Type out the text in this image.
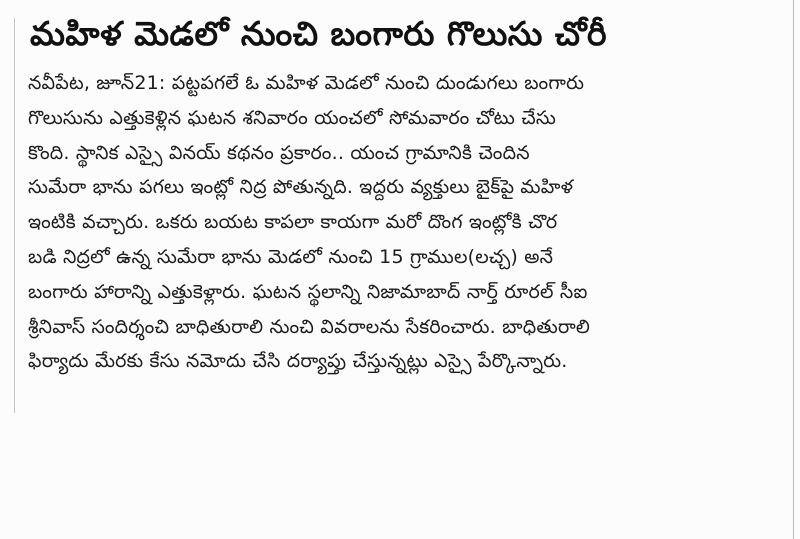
మహిళ మెడలో నుంచి బంగారు గొలుసు చోరీ
నవీపేట, జూన్21: పట్టపగలే ఓ మహిళ మెడలో నుంచి దుండుగలు బంగారు
గొలుసును ఎత్తుకెళ్లిన ఘటన శనివారం యంచలో సోమవారం చోటు చేసు
కొంది. స్థానిక ఎస్సై వినయ్ కథనం ప్రకారం.. యంచ గ్రామానికి చెందిన
సుమేరా భాను పగలు ఇంట్లో నిద్ర పోతున్నది. ఇద్దరు వ్యక్తులు బైక్‌పై మహిళ
ఇంటికి వచ్చారు. ఒకరు బయట కాపలా కాయగా మరో దొంగ ఇంట్లోకి చొర
బడి నిద్రలో ఉన్న సుమేరా భాను మెడలో నుంచి 15 గ్రాముల(లచ్చ) అనే
బంగారు హారాన్ని ఎత్తుకెళ్లారు. ఘటన స్థలాన్ని నిజామాబాద్ నార్త్ రూరల్ సీఐ
శ్రీనివాస్ సందిర్శంచి బాధితురాలి నుంచి వివరాలను సేకరించారు. బాధితురాలి
ఫిర్యాదు మేరకు కేసు నమోదు చేసి దర్యాప్తు చేస్తున్నట్లు ఎస్సై పేర్కొన్నారు.
